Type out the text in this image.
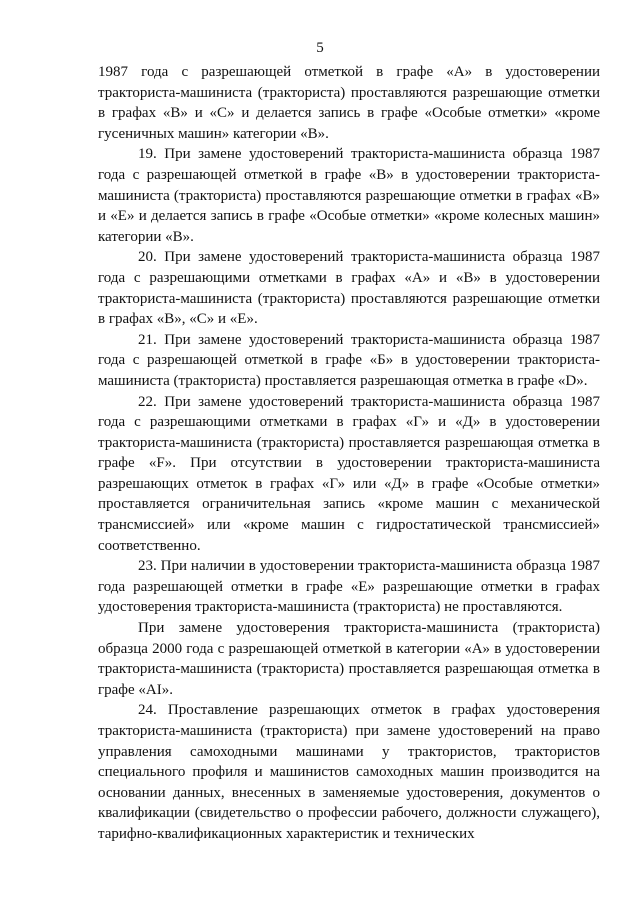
5

1987 года с разрешающей отметкой в графе «А» в удостоверении тракториста-машиниста (тракториста) проставляются разрешающие отметки в графах «В» и «С» и делается запись в графе «Особые отметки» «кроме гусеничных машин» категории «В».

19. При замене удостоверений тракториста-машиниста образца 1987 года с разрешающей отметкой в графе «В» в удостоверении тракториста-машиниста (тракториста) проставляются разрешающие отметки в графах «В» и «Е» и делается запись в графе «Особые отметки» «кроме колесных машин» категории «В».

20. При замене удостоверений тракториста-машиниста образца 1987 года с разрешающими отметками в графах «А» и «В» в удостоверении тракториста-машиниста (тракториста) проставляются разрешающие отметки в графах «В», «С» и «Е».

21. При замене удостоверений тракториста-машиниста образца 1987 года с разрешающей отметкой в графе «Б» в удостоверении тракториста-машиниста (тракториста) проставляется разрешающая отметка в графе «D».

22. При замене удостоверений тракториста-машиниста образца 1987 года с разрешающими отметками в графах «Г» и «Д» в удостоверении тракториста-машиниста (тракториста) проставляется разрешающая отметка в графе «F». При отсутствии в удостоверении тракториста-машиниста разрешающих отметок в графах «Г» или «Д» в графе «Особые отметки» проставляется ограничительная запись «кроме машин с механической трансмиссией» или «кроме машин с гидростатической трансмиссией» соответственно.

23. При наличии в удостоверении тракториста-машиниста образца 1987 года разрешающей отметки в графе «Е» разрешающие отметки в графах удостоверения тракториста-машиниста (тракториста) не проставляются.

При замене удостоверения тракториста-машиниста (тракториста) образца 2000 года с разрешающей отметкой в категории «А» в удостоверении тракториста-машиниста (тракториста) проставляется разрешающая отметка в графе «AI».

24. Проставление разрешающих отметок в графах удостоверения тракториста-машиниста (тракториста) при замене удостоверений на право управления самоходными машинами у трактористов, трактористов специального профиля и машинистов самоходных машин производится на основании данных, внесенных в заменяемые удостоверения, документов о квалификации (свидетельство о профессии рабочего, должности служащего), тарифно-квалификационных характеристик и технических
